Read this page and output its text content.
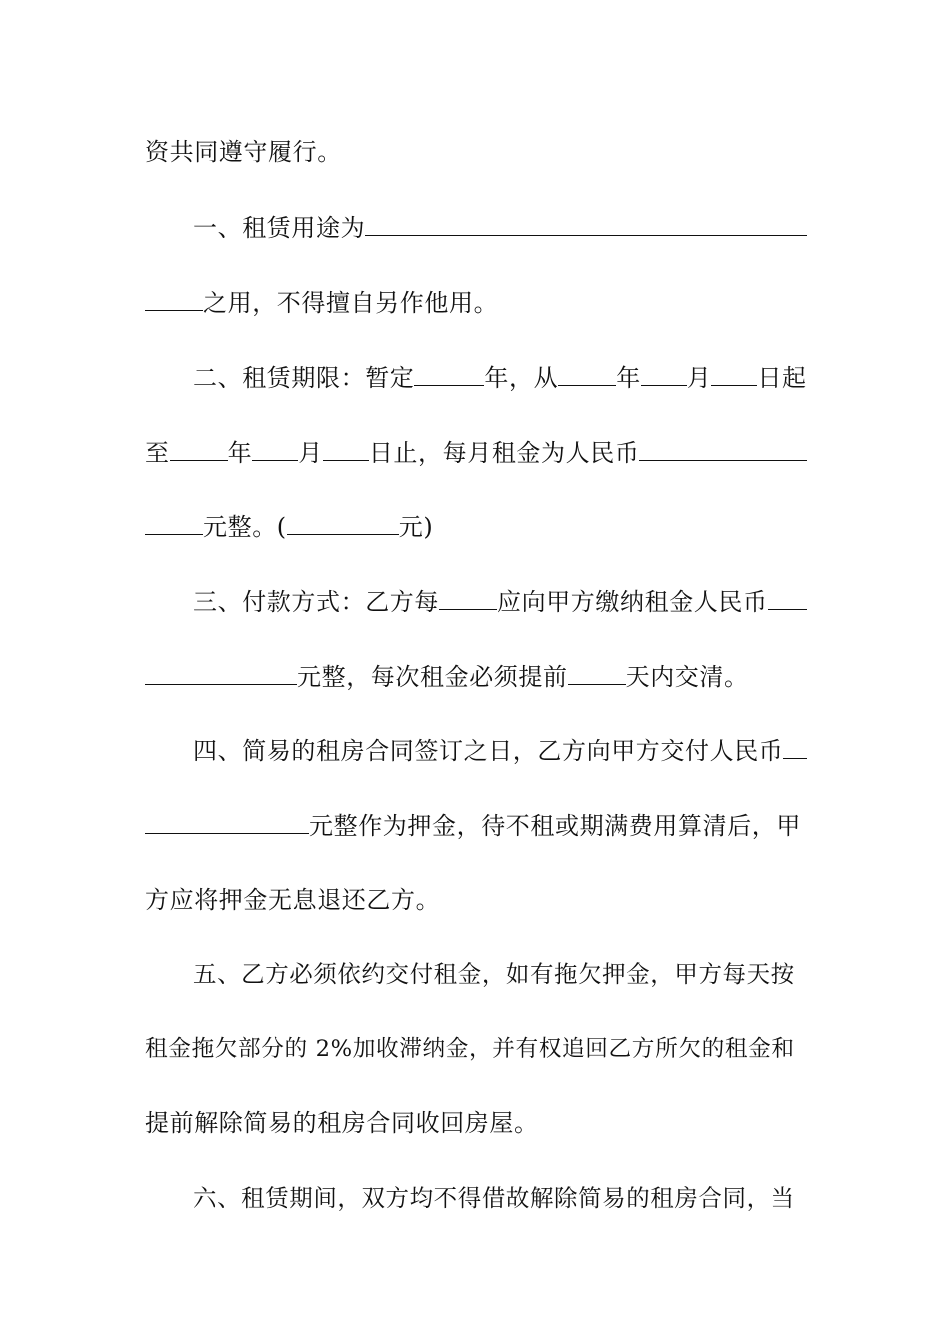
资共同遵守履行。
一、租赁用途为
之用，不得擅自另作他用。
二、租赁期限：暂定	年，从 年 月 日起
至 年 月 日止，每月租金为人民币
元整。(	元)
三、付款方式：乙方每 应向甲方缴纳租金人民币
元整，每次租金必须提前 天内交清。
四、简易的租房合同签订之日，乙方向甲方交付人民币
元整作为押金，待不租或期满费用算清后，甲
方应将押金无息退还乙方。
五、乙方必须依约交付租金，如有拖欠押金，甲方每天按
租金拖欠部分的 2%加收滞纳金，并有权追回乙方所欠的租金和
提前解除简易的租房合同收回房屋。
六、租赁期间，双方均不得借故解除简易的租房合同，当
